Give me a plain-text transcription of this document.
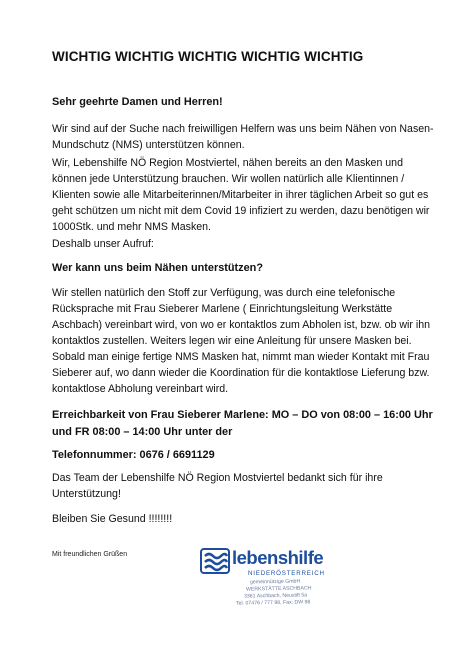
WICHTIG WICHTIG WICHTIG WICHTIG WICHTIG
Sehr geehrte Damen und Herren!
Wir sind auf der Suche nach freiwilligen Helfern was uns beim Nähen von Nasen-Mundschutz (NMS) unterstützen können.
Wir, Lebenshilfe NÖ Region Mostviertel, nähen bereits an den Masken und können jede Unterstützung brauchen. Wir wollen natürlich alle Klientinnen / Klienten sowie alle Mitarbeiterinnen/Mitarbeiter in ihrer täglichen Arbeit so gut es geht schützen um nicht mit dem Covid 19 infiziert zu werden, dazu benötigen wir 1000Stk. und mehr NMS Masken.
Deshalb unser Aufruf:
Wer kann uns beim Nähen unterstützen?
Wir stellen natürlich den Stoff zur Verfügung, was durch eine telefonische Rücksprache mit Frau Sieberer Marlene ( Einrichtungsleitung Werkstätte Aschbach) vereinbart wird, von wo er kontaktlos zum Abholen ist, bzw. ob wir ihn kontaktlos zustellen. Weiters legen wir eine Anleitung für unsere Masken bei. Sobald man einige fertige NMS Masken hat, nimmt man wieder Kontakt mit Frau Sieberer auf, wo dann wieder die Koordination für die kontaktlose Lieferung bzw. kontaktlose Abholung vereinbart wird.
Erreichbarkeit von Frau Sieberer Marlene: MO – DO von 08:00 – 16:00 Uhr und FR 08:00 – 14:00 Uhr unter der
Telefonnummer: 0676 / 6691129
Das Team der Lebenshilfe NÖ Region Mostviertel bedankt sich für ihre Unterstützung!
Bleiben Sie Gesund !!!!!!!!
Mit freundlichen Grüßen	lebenshilfe
NIEDERÖSTERREICH
gemeinnützige GmbH
WERKSTÄTTE ASCHBACH
3361 Aschbach, Neustift 5a
Tel. 07476 / 777 98, Fax: DW 98
